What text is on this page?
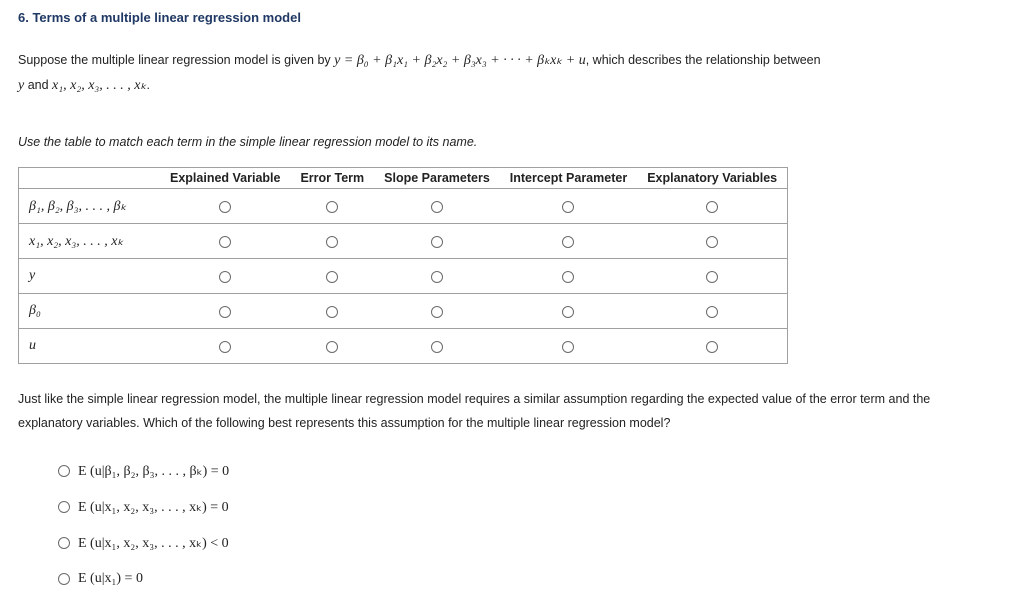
6. Terms of a multiple linear regression model
Suppose the multiple linear regression model is given by y = β₀ + β₁x₁ + β₂x₂ + β₃x₃ + · · · + βₖxₖ + u, which describes the relationship between
y and x₁, x₂, x₃, . . . , xₖ.
Use the table to match each term in the simple linear regression model to its name.
	Explained Variable	Error Term	Slope Parameters	Intercept Parameter	Explanatory Variables
β₁, β₂, β₃, . . . , βₖ					
x₁, x₂, x₃, . . . , xₖ					
y					
β₀					
u					
Just like the simple linear regression model, the multiple linear regression model requires a similar assumption regarding the expected value of the error term and the explanatory variables. Which of the following best represents this assumption for the multiple linear regression model?
E (u|β₁, β₂, β₃, . . . , βₖ) = 0
E (u|x₁, x₂, x₃, . . . , xₖ) = 0
E (u|x₁, x₂, x₃, . . . , xₖ) < 0
E (u|x₁) = 0
